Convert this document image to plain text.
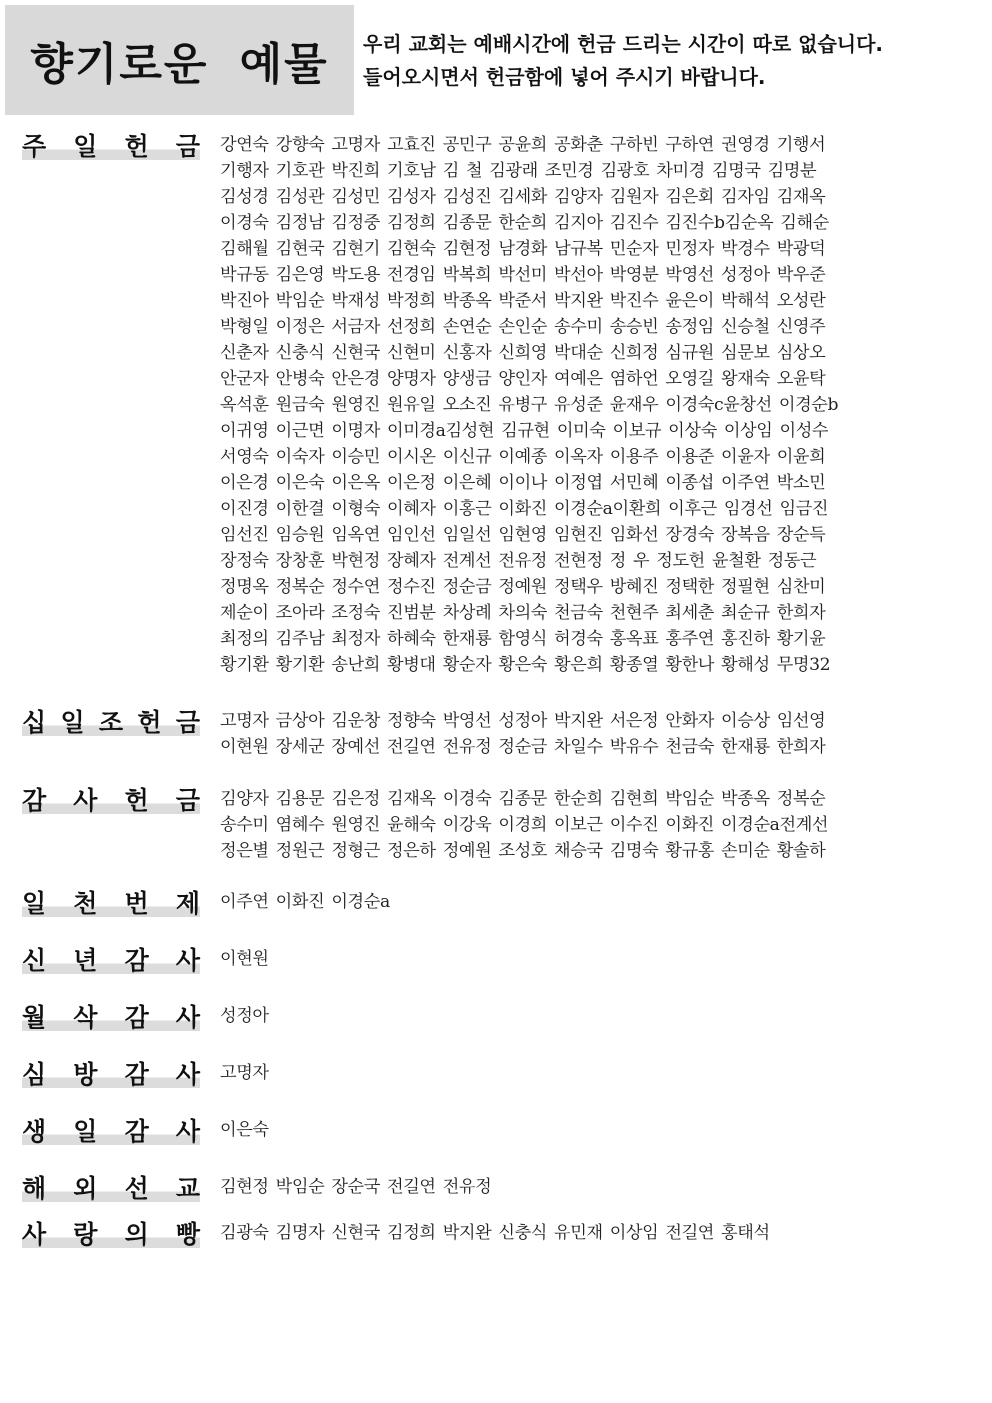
향기로운 예물 우리 교회는 예배시간에 헌금 드리는 시간이 따로 없습니다.
들어오시면서 헌금함에 넣어 주시기 바랍니다.
주 일 헌 금 강연숙 강향숙 고명자 고효진 공민구 공윤희 공화춘 구하빈 구하연 권영경 기행서
기행자 기호관 박진희 기호남 김 철 김광래 조민경 김광호 차미경 김명국 김명분
김성경 김성관 김성민 김성자 김성진 김세화 김양자 김원자 김은회 김자임 김재옥
이경숙 김정남 김정중 김정희 김종문 한순희 김지아 김진수 김진수b김순옥 김해순
김해월 김현국 김현기 김현숙 김현정 남경화 남규복 민순자 민정자 박경수 박광덕
박규동 김은영 박도용 전경임 박복희 박선미 박선아 박영분 박영선 성정아 박우준
박진아 박임순 박재성 박정희 박종옥 박준서 박지완 박진수 윤은이 박해석 오성란
박형일 이정은 서금자 선정희 손연순 손인순 송수미 송승빈 송정임 신승철 신영주
신춘자 신충식 신현국 신현미 신홍자 신희영 박대순 신희정 심규원 심문보 심상오
안군자 안병숙 안은경 양명자 양생금 양인자 여예은 염하언 오영길 왕재숙 오윤탁
옥석훈 원금숙 원영진 원유일 오소진 유병구 유성준 윤재우 이경숙c윤창선 이경순b
이귀영 이근면 이명자 이미경a김성현 김규현 이미숙 이보규 이상숙 이상임 이성수
서영숙 이숙자 이승민 이시온 이신규 이예종 이옥자 이용주 이용준 이윤자 이윤희
이은경 이은숙 이은옥 이은정 이은혜 이이나 이정엽 서민혜 이종섭 이주연 박소민
이진경 이한결 이형숙 이혜자 이홍근 이화진 이경순a이환희 이후근 임경선 임금진
임선진 임승원 임옥연 임인선 임일선 임현영 임현진 임화선 장경숙 장복음 장순득
장정숙 장창훈 박현정 장혜자 전계선 전유정 전현정 정 우 정도헌 윤철환 정동근
정명옥 정복순 정수연 정수진 정순금 정예원 정택우 방혜진 정택한 정필현 심찬미
제순이 조아라 조정숙 진범분 차상례 차의숙 천금숙 천현주 최세춘 최순규 한희자
최정의 김주남 최정자 하혜숙 한재룡 함영식 허경숙 홍옥표 홍주연 홍진하 황기윤
황기환 황기환 송난희 황병대 황순자 황은숙 황은희 황종열 황한나 황해성 무명32
십 일 조 헌 금 고명자 금상아 김운창 정향숙 박영선 성정아 박지완 서은정 안화자 이승상 임선영
이현원 장세군 장예선 전길연 전유정 정순금 차일수 박유수 천금숙 한재룡 한희자
감 사 헌 금 김양자 김용문 김은정 김재옥 이경숙 김종문 한순희 김현희 박임순 박종옥 정복순
송수미 염혜수 원영진 윤해숙 이강욱 이경희 이보근 이수진 이화진 이경순a전계선
정은별 정원근 정형근 정은하 정예원 조성호 채승국 김명숙 황규홍 손미순 황솔하
일 천 번 제 이주연 이화진 이경순a
신 년 감 사 이현원
월 삭 감 사 성정아
심 방 감 사 고명자
생 일 감 사 이은숙
해 외 선 교 김현정 박임순 장순국 전길연 전유정
사 랑 의 빵 김광숙 김명자 신현국 김정희 박지완 신충식 유민재 이상임 전길연 홍태석
